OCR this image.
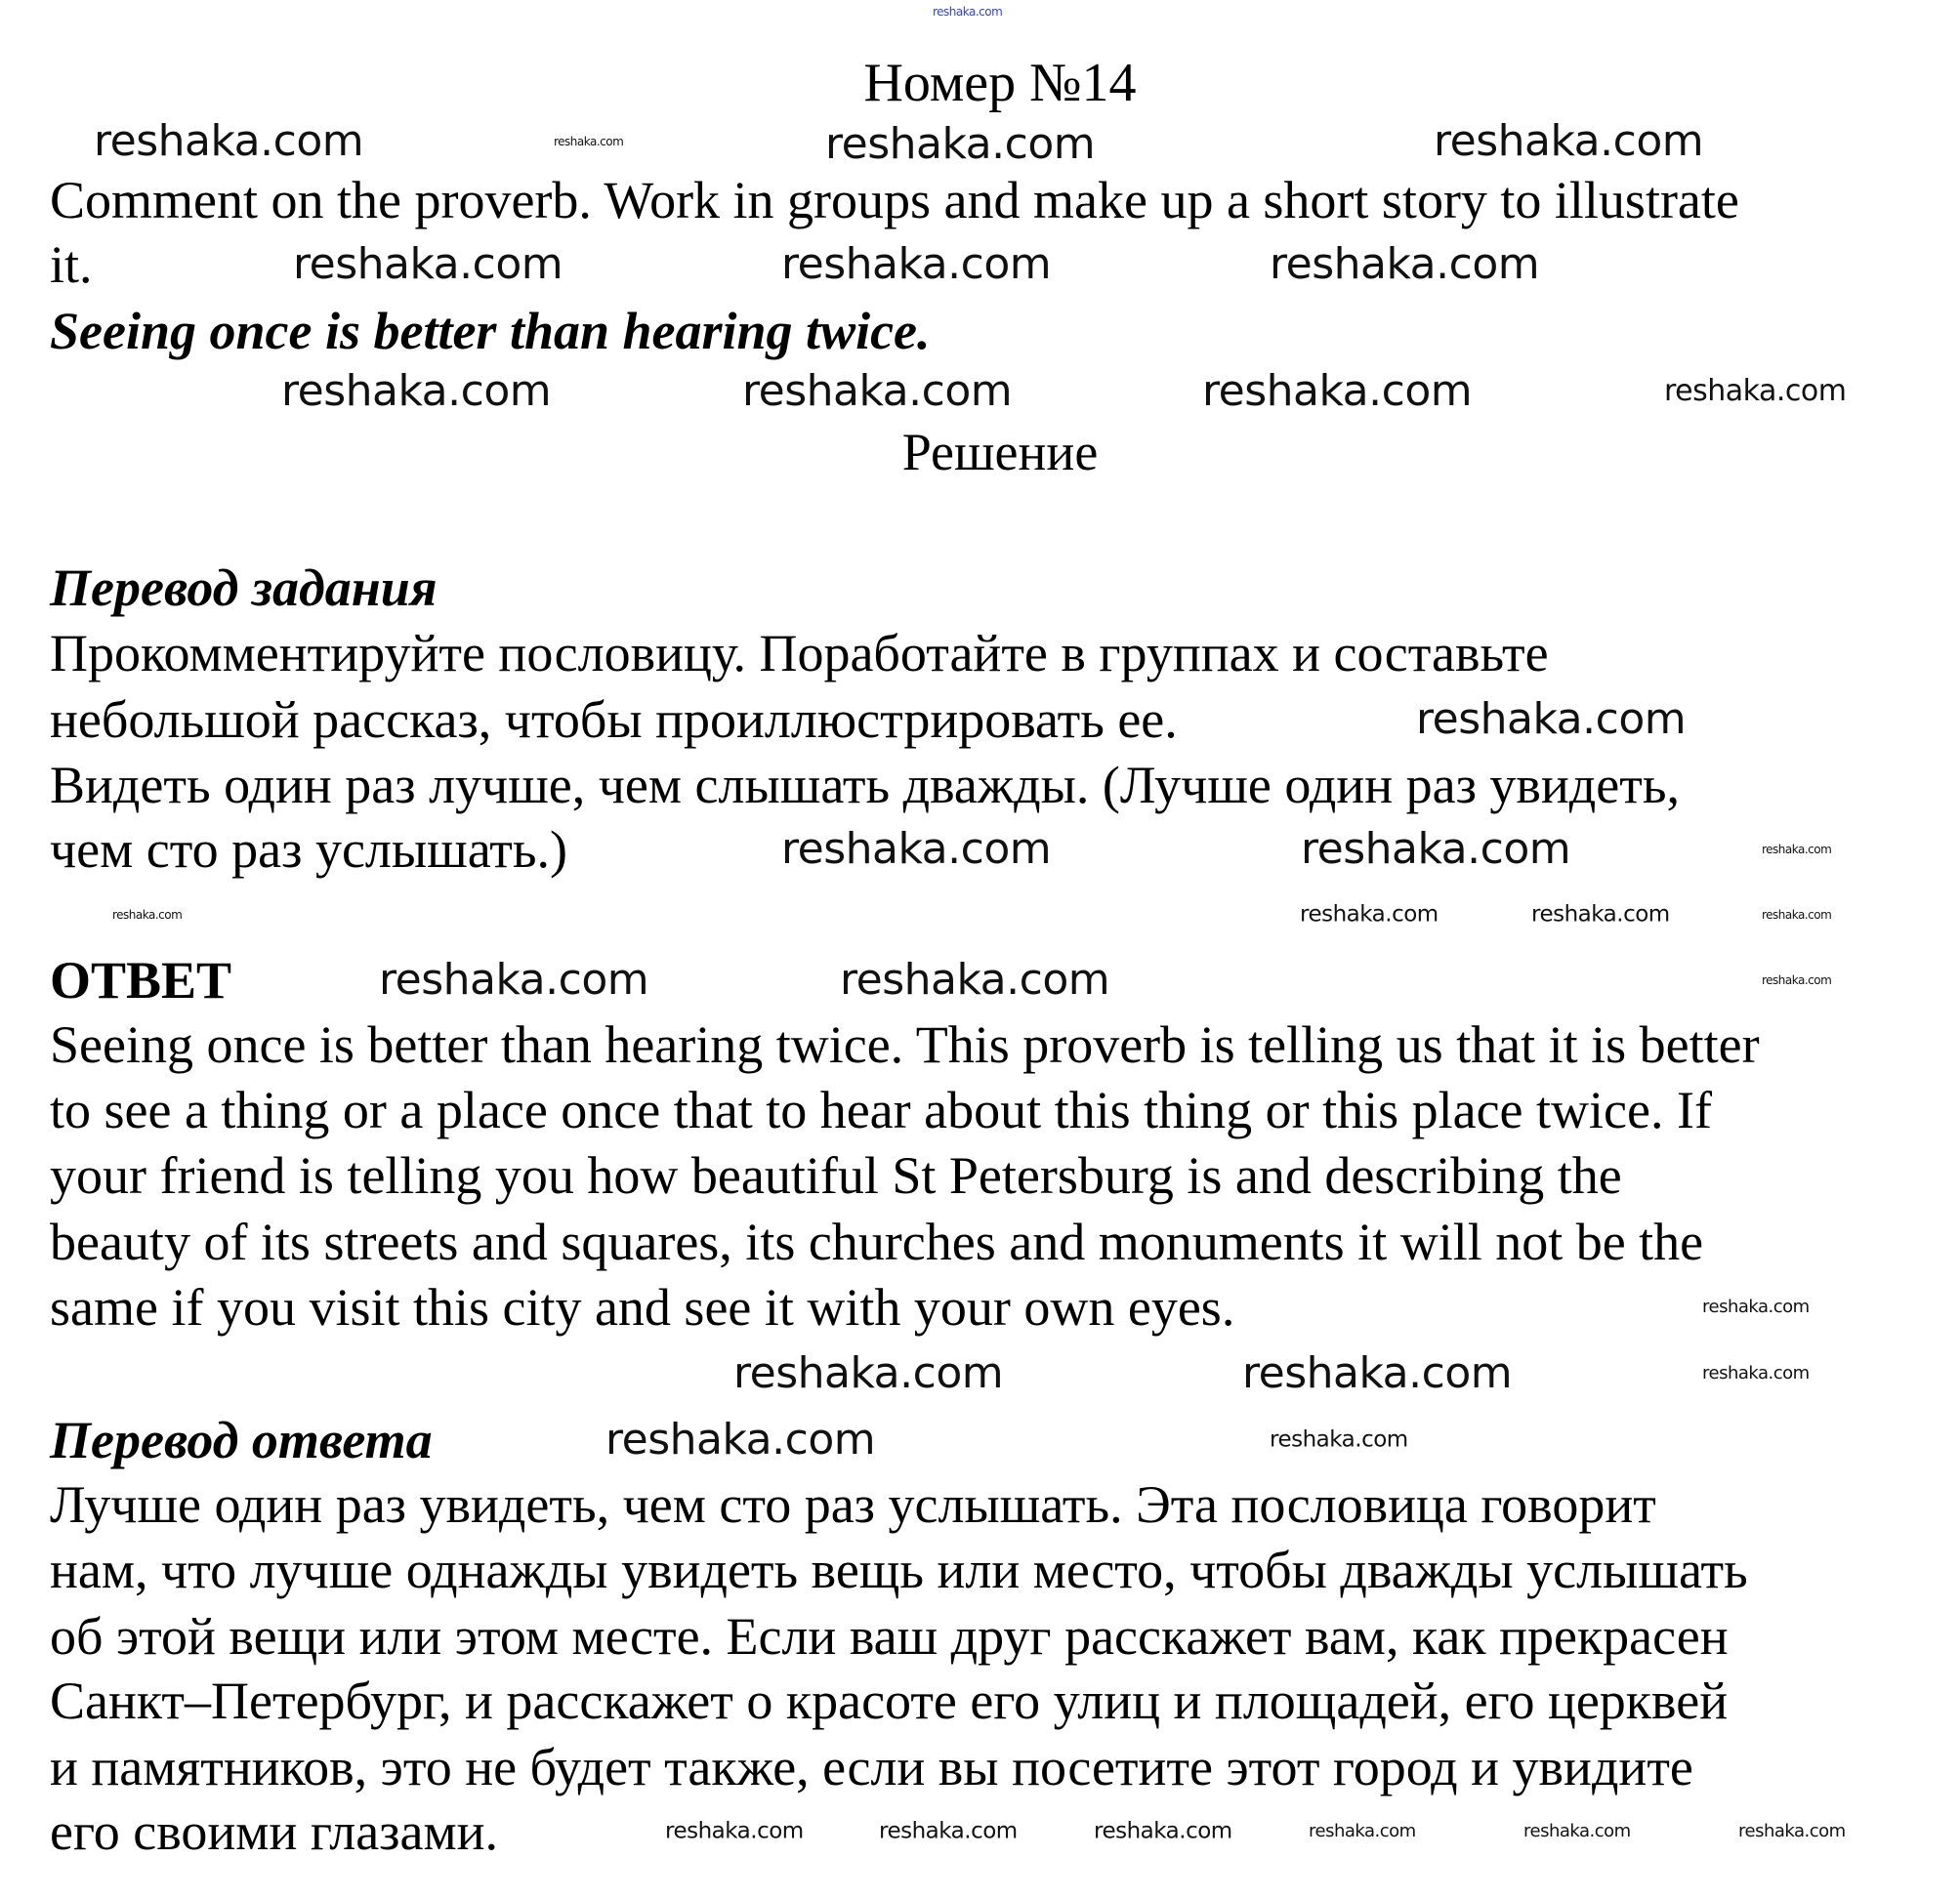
Номер №14
Comment on the proverb. Work in groups and make up a short story to illustrate
it.
Seeing once is better than hearing twice.
Решение
Перевод задания
Прокомментируйте пословицу. Поработайте в группах и составьте
небольшой рассказ, чтобы проиллюстрировать ее.
Видеть один раз лучше, чем слышать дважды. (Лучше один раз увидеть,
чем сто раз услышать.)
ОТВЕТ
Seeing once is better than hearing twice. This proverb is telling us that it is better
to see a thing or a place once that to hear about this thing or this place twice. If
your friend is telling you how beautiful St Petersburg is and describing the
beauty of its streets and squares, its churches and monuments it will not be the
same if you visit this city and see it with your own eyes.
Перевод ответа
Лучше один раз увидеть, чем сто раз услышать. Эта пословица говорит
нам, что лучше однажды увидеть вещь или место, чтобы дважды услышать
об этой вещи или этом месте. Если ваш друг расскажет вам, как прекрасен
Санкт–Петербург, и расскажет о красоте его улиц и площадей, его церквей
и памятников, это не будет также, если вы посетите этот город и увидите
его своими глазами.
reshaka.com
reshaka.com	reshaka.com	reshaka.com	reshaka.com
reshaka.com	reshaka.com	reshaka.com
reshaka.com	reshaka.com	reshaka.com	reshaka.com
reshaka.com
reshaka.com	reshaka.com	reshaka.com
reshaka.com	reshaka.com	reshaka.com	reshaka.com
reshaka.com	reshaka.com	reshaka.com
reshaka.com
reshaka.com	reshaka.com	reshaka.com
reshaka.com	reshaka.com
reshaka.com	reshaka.com	reshaka.com	reshaka.com	reshaka.com	reshaka.com
